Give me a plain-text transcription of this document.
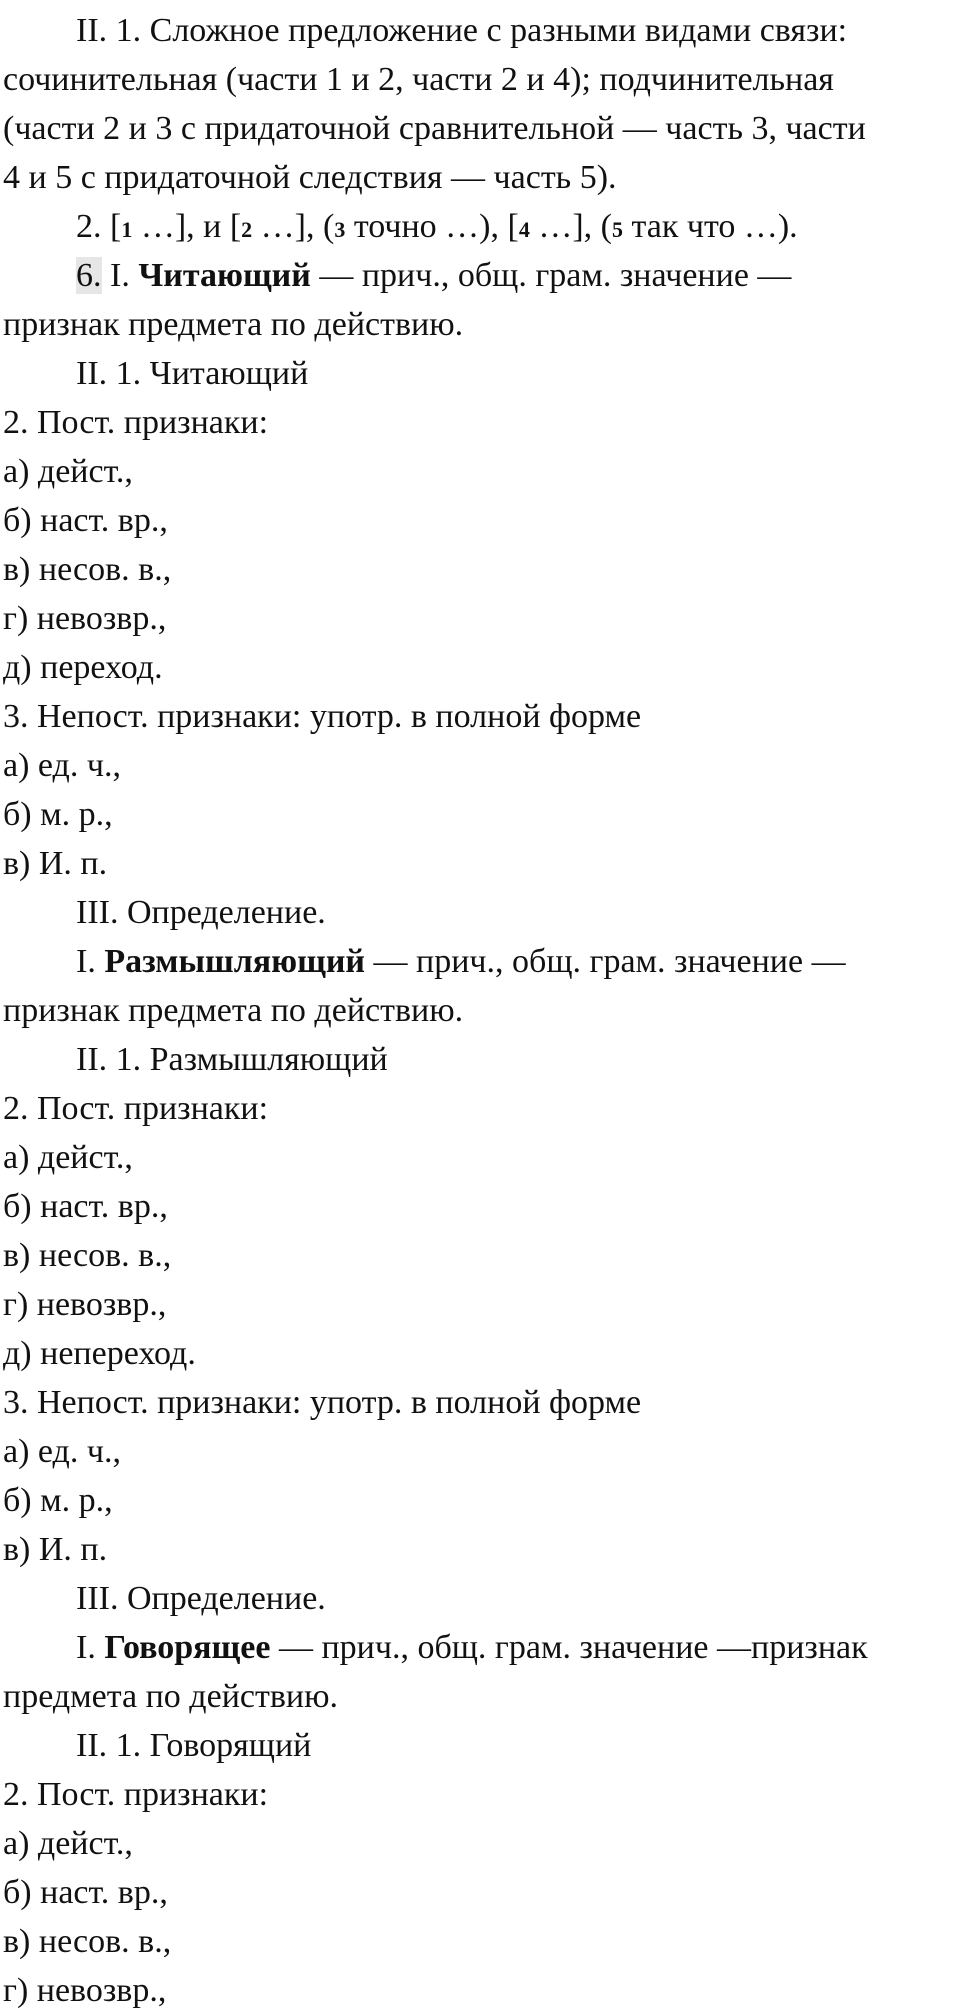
II. 1. Сложное предложение с разными видами связи:
сочинительная (части 1 и 2, части 2 и 4); подчинительная
(части 2 и 3 с придаточной сравнительной — часть 3, части
4 и 5 с придаточной следствия — часть 5).
2. [1 …], и [2 …], (3 точно …), [4 …], (5 так что …).
6. I. Читающий — прич., общ. грам. значение —
признак предмета по действию.
II. 1. Читающий
2. Пост. признаки:
а) дейст.,
б) наст. вр.,
в) несов. в.,
г) невозвр.,
д) переход.
3. Непост. признаки: употр. в полной форме
а) ед. ч.,
б) м. р.,
в) И. п.
III. Определение.
I. Размышляющий — прич., общ. грам. значение —
признак предмета по действию.
II. 1. Размышляющий
2. Пост. признаки:
а) дейст.,
б) наст. вр.,
в) несов. в.,
г) невозвр.,
д) непереход.
3. Непост. признаки: употр. в полной форме
а) ед. ч.,
б) м. р.,
в) И. п.
III. Определение.
I. Говорящее — прич., общ. грам. значение —признак
предмета по действию.
II. 1. Говорящий
2. Пост. признаки:
а) дейст.,
б) наст. вр.,
в) несов. в.,
г) невозвр.,
